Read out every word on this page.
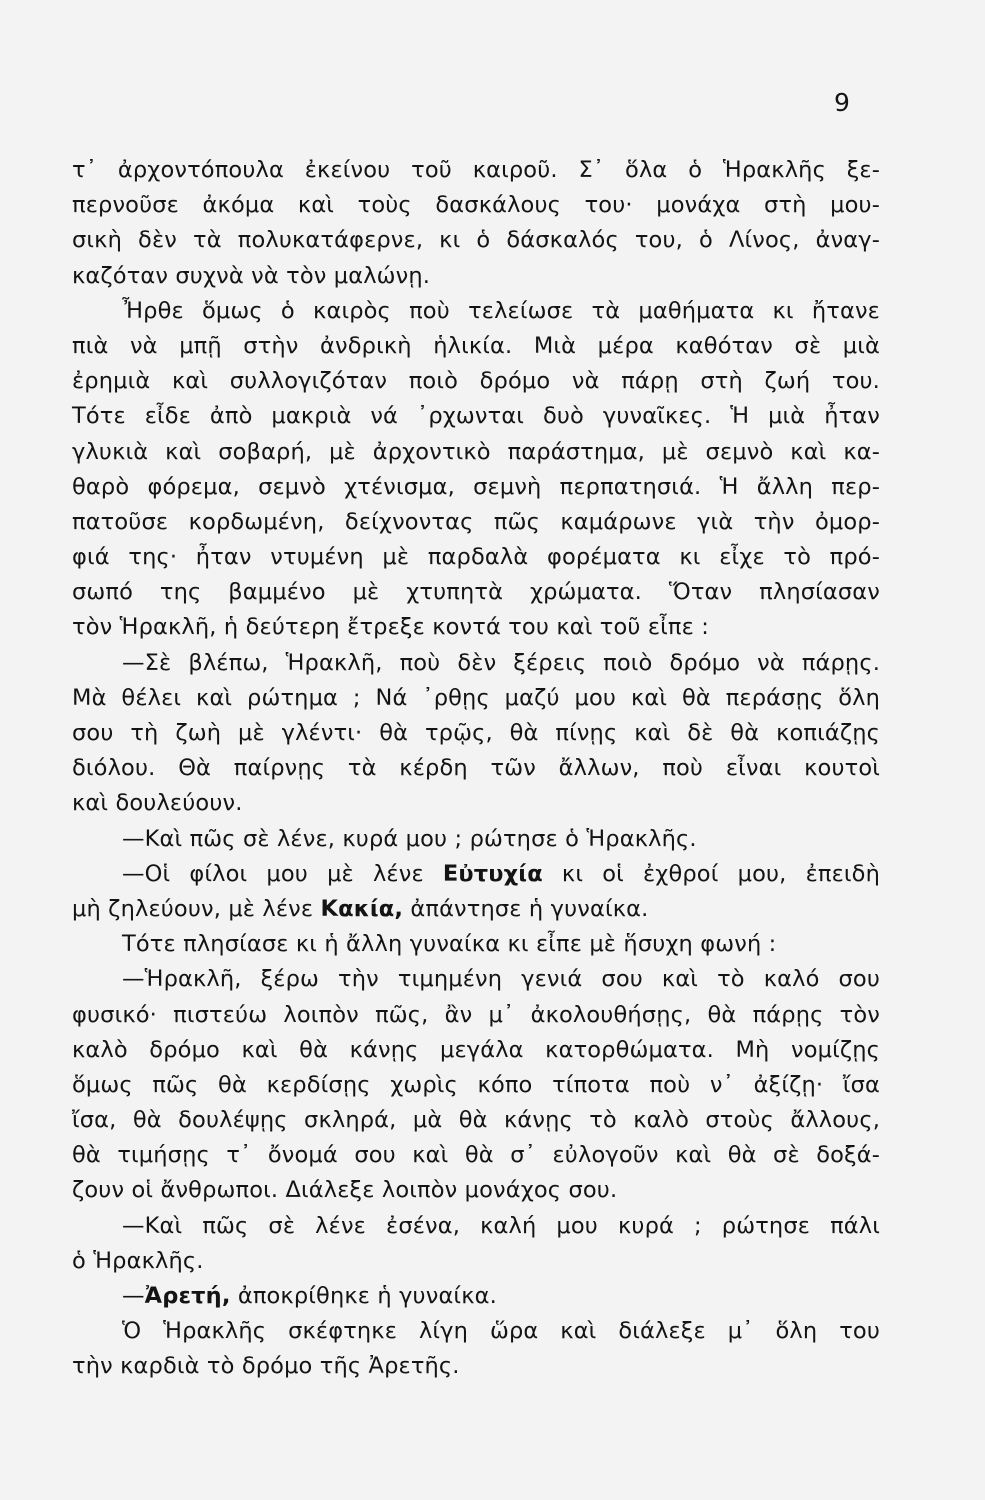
9
τ᾽ ἀρχοντόπουλα ἐκείνου τοῦ καιροῦ. Σ᾽ ὅλα ὁ Ἡρακλῆς ξε-
περνοῦσε ἀκόμα καὶ τοὺς δασκάλους του· μονάχα στὴ μου-
σικὴ δὲν τὰ πολυκατάφερνε, κι ὁ δάσκαλός του, ὁ Λίνος, ἀναγ-
καζόταν συχνὰ νὰ τὸν μαλώνῃ.
Ἦρθε ὅμως ὁ καιρὸς ποὺ τελείωσε τὰ μαθήματα κι ἤτανε
πιὰ νὰ μπῇ στὴν ἀνδρικὴ ἡλικία. Μιὰ μέρα καθόταν σὲ μιὰ
ἐρημιὰ καὶ συλλογιζόταν ποιὸ δρόμο νὰ πάρῃ στὴ ζωή του.
Τότε εἶδε ἀπὸ μακριὰ νά ᾽ρχωνται δυὸ γυναῖκες. Ἡ μιὰ ἦταν
γλυκιὰ καὶ σοβαρή, μὲ ἀρχοντικὸ παράστημα, μὲ σεμνὸ καὶ κα-
θαρὸ φόρεμα, σεμνὸ χτένισμα, σεμνὴ περπατησιά. Ἡ ἄλλη περ-
πατοῦσε κορδωμένη, δείχνοντας πῶς καμάρωνε γιὰ τὴν ὀμορ-
φιά της· ἦταν ντυμένη μὲ παρδαλὰ φορέματα κι εἶχε τὸ πρό-
σωπό της βαμμένο μὲ χτυπητὰ χρώματα. Ὅταν πλησίασαν
τὸν Ἡρακλῆ, ἡ δεύτερη ἔτρεξε κοντά του καὶ τοῦ εἶπε :
—Σὲ βλέπω, Ἡρακλῆ, ποὺ δὲν ξέρεις ποιὸ δρόμο νὰ πάρῃς.
Μὰ θέλει καὶ ρώτημα ; Νά ᾽ρθῃς μαζύ μου καὶ θὰ περάσῃς ὅλη
σου τὴ ζωὴ μὲ γλέντι· θὰ τρῷς, θὰ πίνῃς καὶ δὲ θὰ κοπιάζῃς
διόλου. Θὰ παίρνῃς τὰ κέρδη τῶν ἄλλων, ποὺ εἶναι κουτοὶ
καὶ δουλεύουν.
—Καὶ πῶς σὲ λένε, κυρά μου ; ρώτησε ὁ Ἡρακλῆς.
—Οἱ φίλοι μου μὲ λένε Εὐτυχία κι οἱ ἐχθροί μου, ἐπειδὴ
μὴ ζηλεύουν, μὲ λένε Κακία, ἀπάντησε ἡ γυναίκα.
Τότε πλησίασε κι ἡ ἄλλη γυναίκα κι εἶπε μὲ ἥσυχη φωνή :
—Ἡρακλῆ, ξέρω τὴν τιμημένη γενιά σου καὶ τὸ καλό σου
φυσικό· πιστεύω λοιπὸν πῶς, ἂν μ᾽ ἀκολουθήσῃς, θὰ πάρῃς τὸν
καλὸ δρόμο καὶ θὰ κάνῃς μεγάλα κατορθώματα. Μὴ νομίζῃς
ὅμως πῶς θὰ κερδίσῃς χωρὶς κόπο τίποτα ποὺ ν᾽ ἀξίζῃ· ἴσα
ἴσα, θὰ δουλέψῃς σκληρά, μὰ θὰ κάνῃς τὸ καλὸ στοὺς ἄλλους,
θὰ τιμήσῃς τ᾽ ὄνομά σου καὶ θὰ σ᾽ εὐλογοῦν καὶ θὰ σὲ δοξά-
ζουν οἱ ἄνθρωποι. Διάλεξε λοιπὸν μονάχος σου.
—Καὶ πῶς σὲ λένε ἐσένα, καλή μου κυρά ; ρώτησε πάλι
ὁ Ἡρακλῆς.
—Ἀρετή, ἀποκρίθηκε ἡ γυναίκα.
Ὁ Ἡρακλῆς σκέφτηκε λίγη ὥρα καὶ διάλεξε μ᾽ ὅλη του
τὴν καρδιὰ τὸ δρόμο τῆς Ἀρετῆς.
